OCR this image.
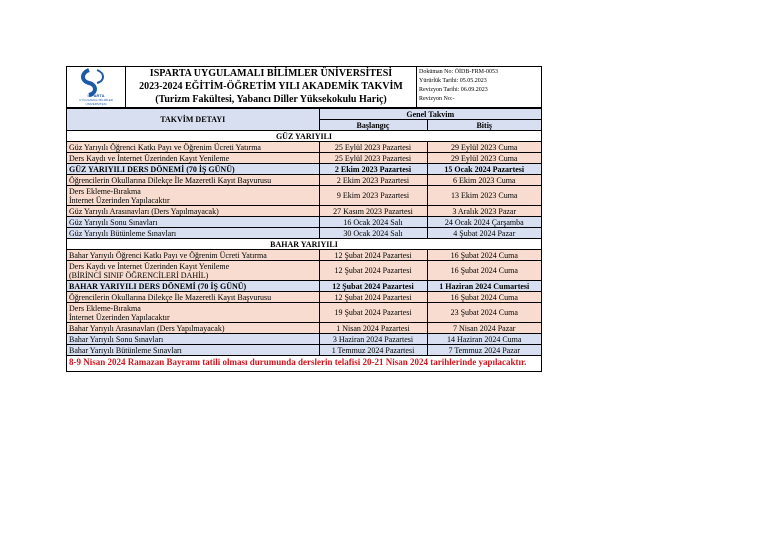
ISPARTA
UYGULAMALI BİLİMLER
ÜNİVERSİTESİ
ISPARTA UYGULAMALI BİLİMLER ÜNİVERSİTESİ
2023-2024 EĞİTİM-ÖĞRETİM YILI AKADEMİK TAKVİM
(Turizm Fakültesi, Yabancı Diller Yüksekokulu Hariç)
Doküman No: ÖİDB-FRM-0053
Yürürlük Tarihi: 05.05.2023
Revizyon Tarihi: 06.09.2023
Revizyon No:-
TAKVİM DETAYI	Genel Takvim	
	Başlangıç	Bitiş
GÜZ YARIYILI		
Güz Yarıyılı Öğrenci Katkı Payı ve Öğrenim Ücreti Yatırma	25 Eylül 2023 Pazartesi	29 Eylül 2023 Cuma
Ders Kaydı ve İnternet Üzerinden Kayıt Yenileme	25 Eylül 2023 Pazartesi	29 Eylül 2023 Cuma
GÜZ YARIYILI DERS DÖNEMİ (70 İŞ GÜNÜ)	2 Ekim 2023 Pazartesi	15 Ocak 2024 Pazartesi
Öğrencilerin Okullarına Dilekçe İle Mazeretli Kayıt Başvurusu	2 Ekim 2023 Pazartesi	6 Ekim 2023 Cuma

Ders Ekleme-Bırakma
İnternet Üzerinden Yapılacaktır	9 Ekim 2023 Pazartesi	13 Ekim 2023 Cuma
Güz Yarıyılı Arasınavları (Ders Yapılmayacak)	27 Kasım 2023 Pazartesi	3 Aralık 2023 Pazar
Güz Yarıyılı Sonu Sınavları	16 Ocak 2024 Salı	24 Ocak 2024 Çarşamba
Güz Yarıyılı Bütünleme Sınavları	30 Ocak 2024 Salı	4 Şubat 2024 Pazar
BAHAR YARIYILI		
Bahar Yarıyılı Öğrenci Katkı Payı ve Öğrenim Ücreti Yatırma	12 Şubat 2024 Pazartesi	16 Şubat 2024 Cuma

Ders Kaydı ve İnternet Üzerinden Kayıt Yenileme
(BİRİNCİ SINIF ÖĞRENCİLERİ DAHİL)	12 Şubat 2024 Pazartesi	16 Şubat 2024 Cuma
BAHAR YARIYILI DERS DÖNEMİ (70 İŞ GÜNÜ)	12 Şubat 2024 Pazartesi	1 Haziran 2024 Cumartesi
Öğrencilerin Okullarına Dilekçe İle Mazeretli Kayıt Başvurusu	12 Şubat 2024 Pazartesi	16 Şubat 2024 Cuma

Ders Ekleme-Bırakma
İnternet Üzerinden Yapılacaktır	19 Şubat 2024 Pazartesi	23 Şubat 2024 Cuma
Bahar Yarıyılı Arasınavları (Ders Yapılmayacak)	1 Nisan 2024 Pazartesi	7 Nisan 2024 Pazar
Bahar Yarıyılı Sonu Sınavları	3 Haziran 2024 Pazartesi	14 Haziran 2024 Cuma
Bahar Yarıyılı Bütünleme Sınavları	1 Temmuz 2024 Pazartesi	7 Temmuz 2024 Pazar
8-9 Nisan 2024 Ramazan Bayramı tatili olması durumunda derslerin telafisi 20-21 Nisan 2024 tarihlerinde yapılacaktır.
